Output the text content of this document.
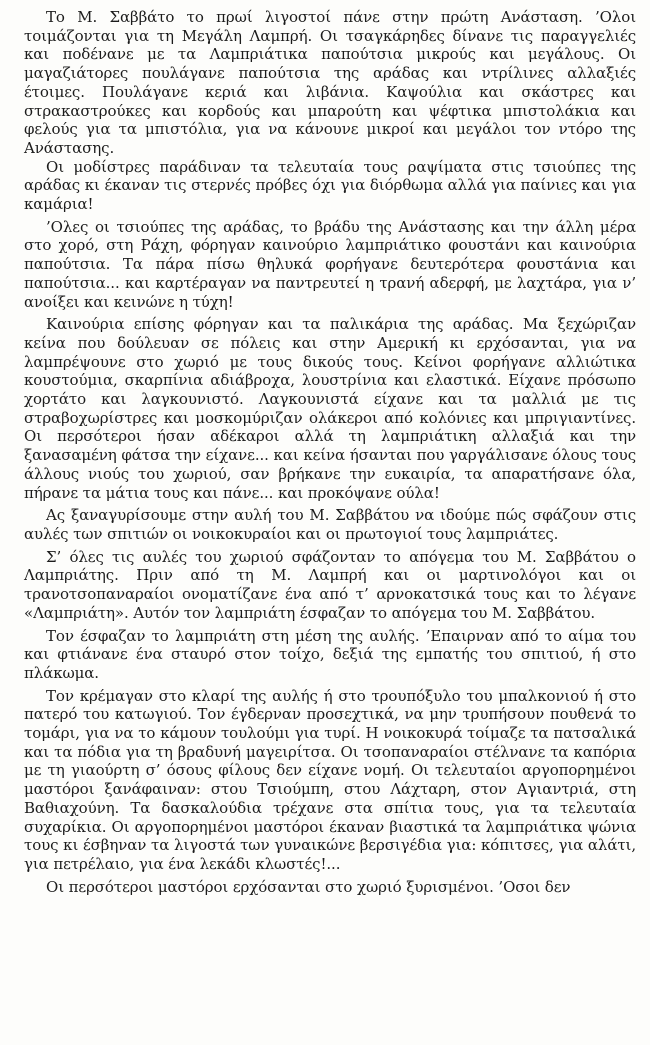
Το Μ. Σαββάτο το πρωί λιγοστοί πάνε στην πρώτη Ανάσταση. ’Ολοι τοιμάζονται για τη Μεγάλη Λαμπρή. Οι τσαγκάρηδες δίνανε τις παραγγελιές και ποδένανε με τα Λαμπριάτικα παπούτσια μικρούς και μεγάλους. Οι μαγαζιάτορες πουλάγανε παπούτσια της αράδας και ντρίλινες αλλαξιές έτοιμες. Πουλάγανε κεριά και λιβάνια. Καψούλια και σκάστρες και στρακαστρούκες και κορδούς και μπαρούτη και ψέφτικα μπιστολάκια και φελούς για τα μπιστόλια, για να κάνουνε μικροί και μεγάλοι τον ντόρο της Ανάστασης.

Οι μοδίστρες παράδιναν τα τελευταία τους ραψίματα στις τσιούπες της αράδας κι έκαναν τις στερνές πρόβες όχι για διόρθωμα αλλά για παίνιες και για καμάρια!

’Ολες οι τσιούπες της αράδας, το βράδυ της Ανάστασης και την άλλη μέρα στο χορό, στη Ράχη, φόρηγαν καινούριο λαμπριάτικο φουστάνι και καινούρια παπούτσια. Τα πάρα πίσω θηλυκά φορήγανε δευτερότερα φουστάνια και παπούτσια... και καρτέραγαν να παντρευτεί η τρανή αδερφή, με λαχτάρα, για ν’ ανοίξει και κεινώνε η τύχη!

Καινούρια επίσης φόρηγαν και τα παλικάρια της αράδας. Μα ξεχώριζαν κείνα που δούλευαν σε πόλεις και στην Αμερική κι ερχόσανται, για να λαμπρέψουνε στο χωριό με τους δικούς τους. Κείνοι φορήγανε αλλιώτικα κουστούμια, σκαρπίνια αδιάβροχα, λουστρίνια και ελαστικά. Είχανε πρόσωπο χορτάτο και λαγκουνιστό. Λαγκουνιστά είχανε και τα μαλλιά με τις στραβοχωρίστρες και μοσκομύριζαν ολάκερoι από κολόνιες και μπριγιαντίνες. Οι περσότεροι ήσαν αδέκαροι αλλά τη λαμπριάτικη αλλαξιά και την ξανασαμένη φάτσα την είχανε... και κείνα ήσανται που γαργάλισανε όλους τους άλλους νιούς του χωριού, σαν βρήκανε την ευκαιρία, τα απαρατήσανε όλα, πήρανε τα μάτια τους και πάνε... και προκόψανε ούλα!

Ας ξαναγυρίσουμε στην αυλή του Μ. Σαββάτου να ιδούμε πώς σφάζουν στις αυλές των σπιτιών οι νοικοκυραίοι και οι πρωτογιοί τους λαμπριάτες.

Σ’ όλες τις αυλές του χωριού σφάζονταν το απόγεμα του Μ. Σαββάτου ο Λαμπριάτης. Πριν από τη Μ. Λαμπρή και οι μαρτινολόγοι και οι τρανοτσοπαναραίοι ονοματίζανε ένα από τ’ αρνοκατσικά τους και το λέγανε «Λαμπριάτη». Αυτόν τον λαμπριάτη έσφαζαν το απόγεμα του Μ. Σαββάτου.

Τον έσφαζαν το λαμπριάτη στη μέση της αυλής. ’Επαιρναν από το αίμα του και φτιάνανε ένα σταυρό στον τοίχο, δεξιά της εμπατής του σπιτιού, ή στο πλάκωμα.

Τον κρέμαγαν στο κλαρί της αυλής ή στο τρουπόξυλο του μπαλκονιού ή στο πατερό του κατωγιού. Τον έγδερναν προσεχτικά, να μην τρυπήσουν πουθενά το τομάρι, για να το κάμουν τουλούμι για τυρί. Η νοικοκυρά τοίμαζε τα πατσαλικά και τα πόδια για τη βραδυνή μαγειρίτσα. Οι τσοπαναραίοι στέλνανε τα καπόρια με τη γιαούρτη σ’ όσους φίλους δεν είχανε νομή. Οι τελευταίοι αργοπορημένοι μαστόροι ξανάφαιναν: στου Τσιούμπη, στου Λάχταρη, στον Αγιαντριά, στη Βαθιαχούνη. Τα δασκαλούδια τρέχανε στα σπίτια τους, για τα τελευταία συχαρίκια. Οι αργοπορημένοι μαστόροι έκαναν βιαστικά τα λαμπριάτικα ψώνια τους κι έσβηναν τα λιγοστά των γυναικώνε βερσιγέδια για: κόπιτσες, για αλάτι, για πετρέλαιο, για ένα λεκάδι κλωστές!...

Οι περσότεροι μαστόροι ερχόσανται στο χωριό ξυρισμένοι. ’Οσοι δεν
